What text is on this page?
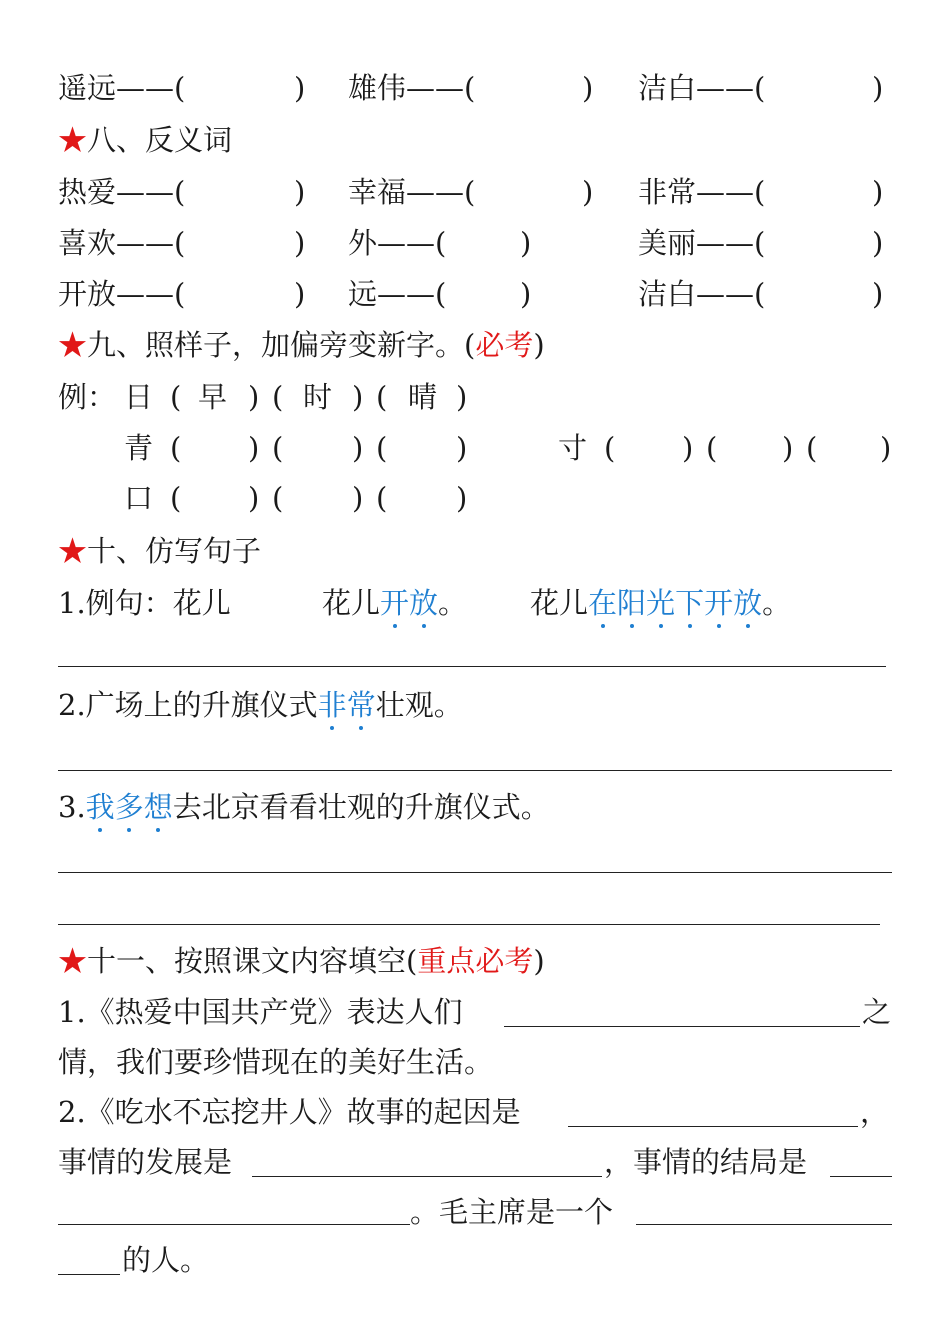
遥远——(	) 雄伟——(	) 洁白——(	)
★八、反义词
热爱——(	) 幸福——(	) 非常——(	)
喜欢——(	) 外——(	)	美丽——(	)
开放——(	) 远——(	)	洁白——(	)
★九、照样子，加偏旁变新字。(必考)
例： 日 ( 早 ) ( 时 ) ( 晴 )
青 ( ) ( ) ( )	寸 ( ) ( ) ( )
口 ( ) ( ) ( )
★十、仿写句子
1.例句：花儿	花儿开放。 花儿在阳光下开放。
2.广场上的升旗仪式非常壮观。
3.我多想去北京看看壮观的升旗仪式。
★十一、按照课文内容填空(重点必考)
1.《热爱中国共产党》表达人们	之
情，我们要珍惜现在的美好生活。
2.《吃水不忘挖井人》故事的起因是	，
事情的发展是	，事情的结局是
。毛主席是一个
的人。
